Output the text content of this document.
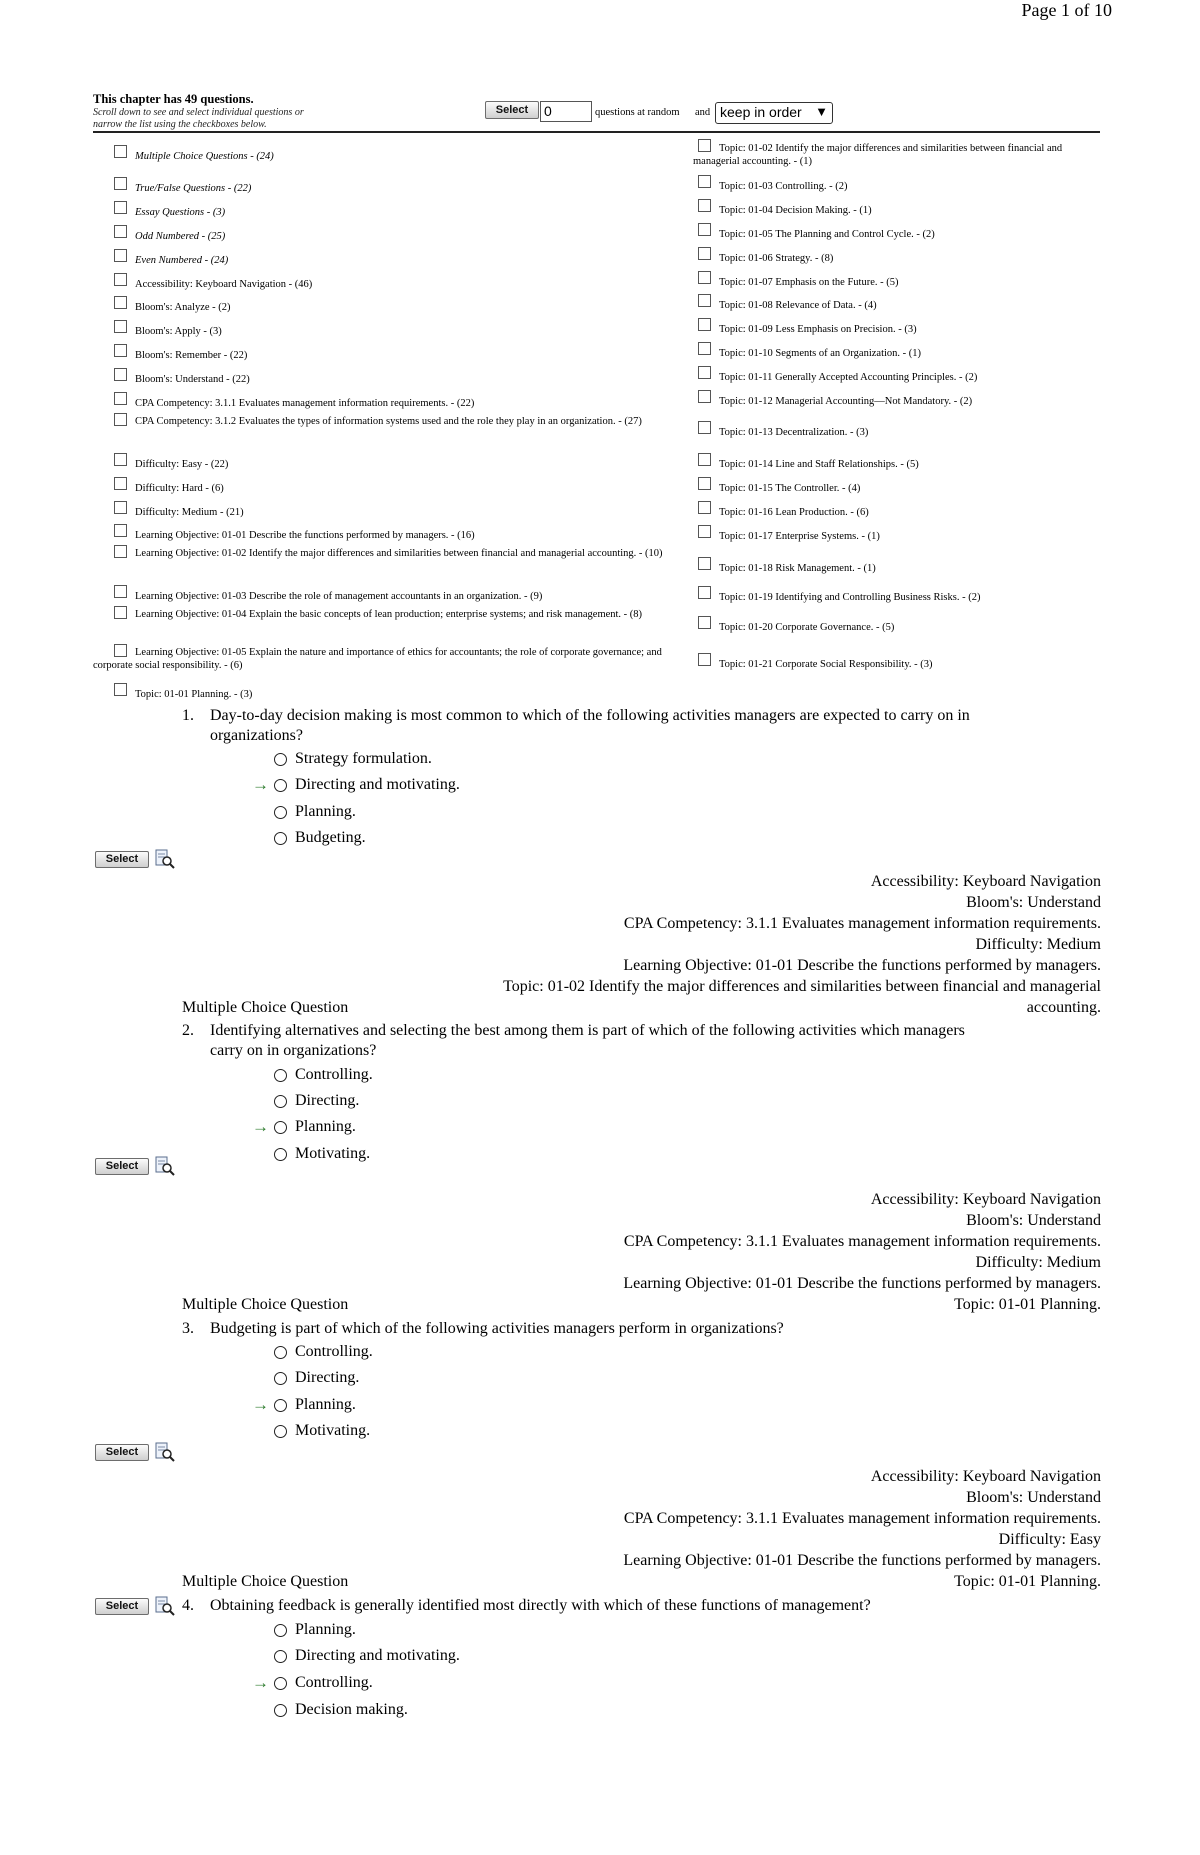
Page 1 of 10
This chapter has 49 questions.
Scroll down to see and select individual questions or narrow the list using the checkboxes below.
Select	0	questions at random and keep in order ▼
Multiple Choice Questions - (24)
True/False Questions - (22)
Essay Questions - (3)
Odd Numbered - (25)
Even Numbered - (24)
Accessibility: Keyboard Navigation - (46)
Bloom's: Analyze - (2)
Bloom's: Apply - (3)
Bloom's: Remember - (22)
Bloom's: Understand - (22)
CPA Competency: 3.1.1 Evaluates management information requirements. - (22)
CPA Competency: 3.1.2 Evaluates the types of information systems used and the role they play in an organization. - (27)
Difficulty: Easy - (22)
Difficulty: Hard - (6)
Difficulty: Medium - (21)
Learning Objective: 01-01 Describe the functions performed by managers. - (16)
Learning Objective: 01-02 Identify the major differences and similarities between financial and managerial accounting. - (10)
Learning Objective: 01-03 Describe the role of management accountants in an organization. - (9)
Learning Objective: 01-04 Explain the basic concepts of lean production; enterprise systems; and risk management. - (8)
Learning Objective: 01-05 Explain the nature and importance of ethics for accountants; the role of corporate governance; and corporate social responsibility. - (6)
Topic: 01-01 Planning. - (3)
Topic: 01-02 Identify the major differences and similarities between financial and managerial accounting. - (1)
Topic: 01-03 Controlling. - (2)
Topic: 01-04 Decision Making. - (1)
Topic: 01-05 The Planning and Control Cycle. - (2)
Topic: 01-06 Strategy. - (8)
Topic: 01-07 Emphasis on the Future. - (5)
Topic: 01-08 Relevance of Data. - (4)
Topic: 01-09 Less Emphasis on Precision. - (3)
Topic: 01-10 Segments of an Organization. - (1)
Topic: 01-11 Generally Accepted Accounting Principles. - (2)
Topic: 01-12 Managerial Accounting—Not Mandatory. - (2)
Topic: 01-13 Decentralization. - (3)
Topic: 01-14 Line and Staff Relationships. - (5)
Topic: 01-15 The Controller. - (4)
Topic: 01-16 Lean Production. - (6)
Topic: 01-17 Enterprise Systems. - (1)
Topic: 01-18 Risk Management. - (1)
Topic: 01-19 Identifying and Controlling Business Risks. - (2)
Topic: 01-20 Corporate Governance. - (5)
Topic: 01-21 Corporate Social Responsibility. - (3)
1. Day-to-day decision making is most common to which of the following activities managers are expected to carry on in
organizations?
Strategy formulation.
→ Directing and motivating.
Planning.
Budgeting.
Select
Accessibility: Keyboard Navigation
Bloom's: Understand
CPA Competency: 3.1.1 Evaluates management information requirements.
Difficulty: Medium
Learning Objective: 01-01 Describe the functions performed by managers.
Topic: 01-02 Identify the major differences and similarities between financial and managerial
accounting.
Multiple Choice Question
2. Identifying alternatives and selecting the best among them is part of which of the following activities which managers
carry on in organizations?
Controlling.
Directing.
→ Planning.
Motivating.
Select
Accessibility: Keyboard Navigation
Bloom's: Understand
CPA Competency: 3.1.1 Evaluates management information requirements.
Difficulty: Medium
Learning Objective: 01-01 Describe the functions performed by managers.
Topic: 01-01 Planning.
Multiple Choice Question
3. Budgeting is part of which of the following activities managers perform in organizations?
Controlling.
Directing.
→ Planning.
Motivating.
Select
Accessibility: Keyboard Navigation
Bloom's: Understand
CPA Competency: 3.1.1 Evaluates management information requirements.
Difficulty: Easy
Learning Objective: 01-01 Describe the functions performed by managers.
Topic: 01-01 Planning.
Multiple Choice Question
Select	4. Obtaining feedback is generally identified most directly with which of these functions of management?
Planning.
Directing and motivating.
→ Controlling.
Decision making.
